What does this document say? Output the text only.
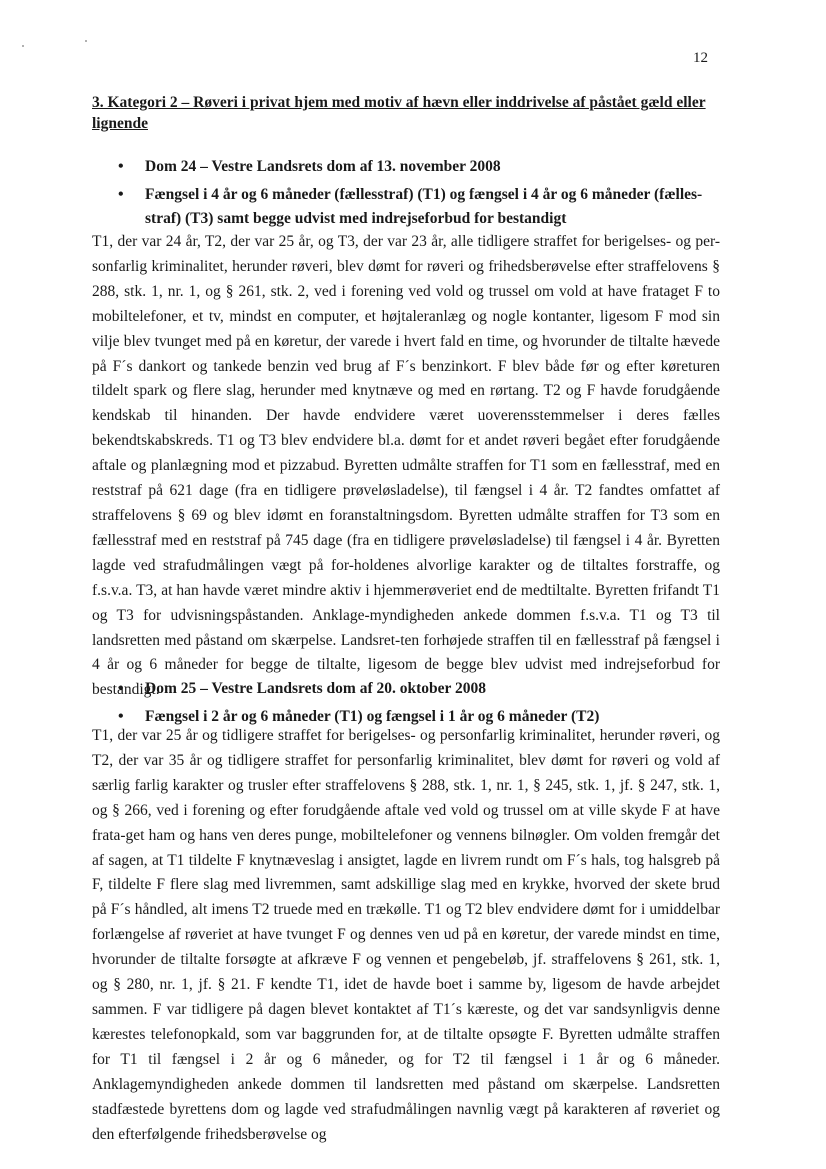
12
3. Kategori 2 – Røveri i privat hjem med motiv af hævn eller inddrivelse af påstået gæld eller lignende
• Dom 24 – Vestre Landsrets dom af 13. november 2008
• Fængsel i 4 år og 6 måneder (fællesstraf) (T1) og fængsel i 4 år og 6 måneder (fælles-straf) (T3) samt begge udvist med indrejseforbud for bestandigt

T1, der var 24 år, T2, der var 25 år, og T3, der var 23 år, alle tidligere straffet for berigelses- og per-sonfarlig kriminalitet, herunder røveri, blev dømt for røveri og frihedsberøvelse efter straffelovens § 288, stk. 1, nr. 1, og § 261, stk. 2, ved i forening ved vold og trussel om vold at have frataget F to mobiltelefoner, et tv, mindst en computer, et højtaleranlæg og nogle kontanter, ligesom F mod sin vilje blev tvunget med på en køretur, der varede i hvert fald en time, og hvorunder de tiltalte hævede på F´s dankort og tankede benzin ved brug af F´s benzinkort. F blev både før og efter køreturen tildelt spark og flere slag, herunder med knytnæve og med en rørtang. T2 og F havde forudgående kendskab til hinanden. Der havde endvidere været uoverensstemmelser i deres fælles bekendtskabskreds. T1 og T3 blev endvidere bl.a. dømt for et andet røveri begået efter forudgående aftale og planlægning mod et pizzabud. Byretten udmålte straffen for T1 som en fællesstraf, med en reststraf på 621 dage (fra en tidligere prøveløsladelse), til fængsel i 4 år. T2 fandtes omfattet af straffelovens § 69 og blev idømt en foranstaltningsdom. Byretten udmålte straffen for T3 som en fællesstraf med en reststraf på 745 dage (fra en tidligere prøveløsladelse) til fængsel i 4 år. Byretten lagde ved strafudmålingen vægt på for-holdenes alvorlige karakter og de tiltaltes forstraffe, og f.s.v.a. T3, at han havde været mindre aktiv i hjemmerøveriet end de medtiltalte. Byretten frifandt T1 og T3 for udvisningspåstanden. Anklage-myndigheden ankede dommen f.s.v.a. T1 og T3 til landsretten med påstand om skærpelse. Landsret-ten forhøjede straffen til en fællesstraf på fængsel i 4 år og 6 måneder for begge de tiltalte, ligesom de begge blev udvist med indrejseforbud for bestandigt.

• Dom 25 – Vestre Landsrets dom af 20. oktober 2008
• Fængsel i 2 år og 6 måneder (T1) og fængsel i 1 år og 6 måneder (T2)

T1, der var 25 år og tidligere straffet for berigelses- og personfarlig kriminalitet, herunder røveri, og T2, der var 35 år og tidligere straffet for personfarlig kriminalitet, blev dømt for røveri og vold af særlig farlig karakter og trusler efter straffelovens § 288, stk. 1, nr. 1, § 245, stk. 1, jf. § 247, stk. 1, og § 266, ved i forening og efter forudgående aftale ved vold og trussel om at ville skyde F at have frata-get ham og hans ven deres punge, mobiltelefoner og vennens bilnøgler. Om volden fremgår det af sagen, at T1 tildelte F knytnæveslag i ansigtet, lagde en livrem rundt om F´s hals, tog halsgreb på F, tildelte F flere slag med livremmen, samt adskillige slag med en krykke, hvorved der skete brud på F´s håndled, alt imens T2 truede med en trækølle. T1 og T2 blev endvidere dømt for i umiddelbar forlængelse af røveriet at have tvunget F og dennes ven ud på en køretur, der varede mindst en time, hvorunder de tiltalte forsøgte at afkræve F og vennen et pengebeløb, jf. straffelovens § 261, stk. 1, og § 280, nr. 1, jf. § 21. F kendte T1, idet de havde boet i samme by, ligesom de havde arbejdet sammen. F var tidligere på dagen blevet kontaktet af T1´s kæreste, og det var sandsynligvis denne kærestes telefonopkald, som var baggrunden for, at de tiltalte opsøgte F. Byretten udmålte straffen for T1 til fængsel i 2 år og 6 måneder, og for T2 til fængsel i 1 år og 6 måneder. Anklagemyndigheden ankede dommen til landsretten med påstand om skærpelse. Landsretten stadfæstede byrettens dom og lagde ved strafudmålingen navnlig vægt på karakteren af røveriet og den efterfølgende frihedsberøvelse og
